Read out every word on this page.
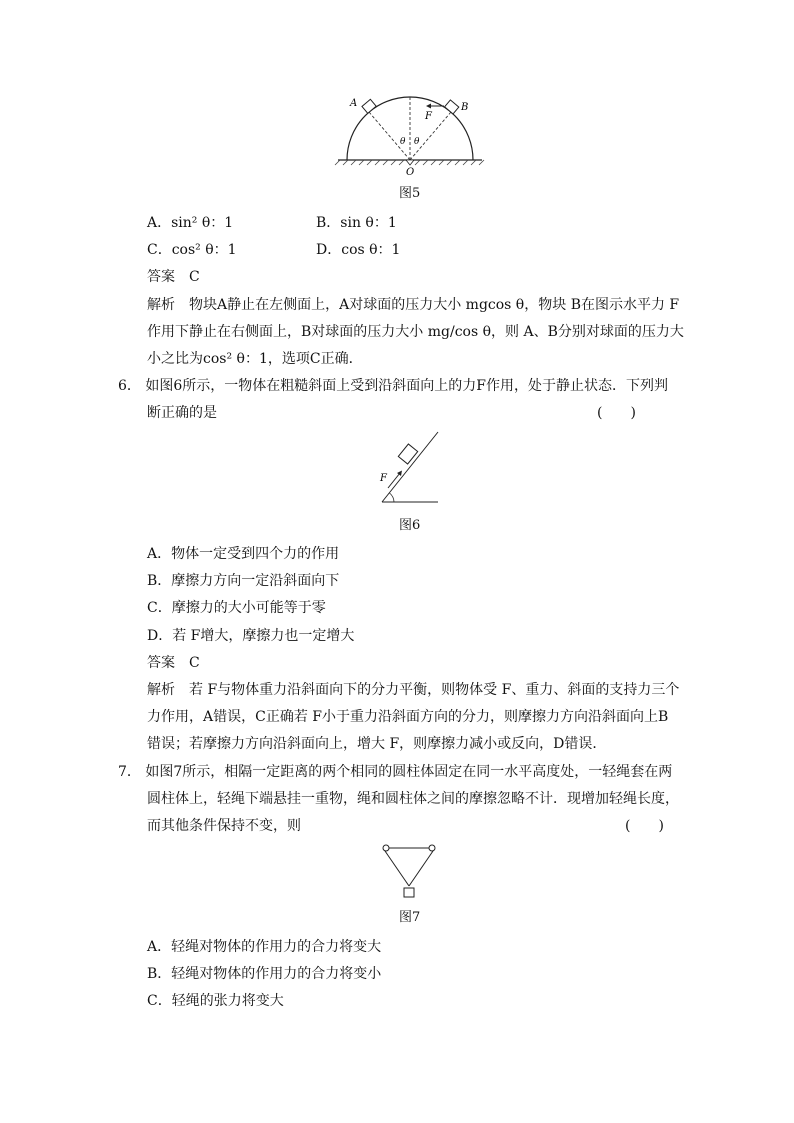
A	B
F
θ θ
O
图5
A．sin² θ：1	B．sin θ：1
C．cos² θ：1	D．cos θ：1
答案　C
解析　物块A静止在左侧面上，A对球面的压力大小 mgcos θ，物块 B在图示水平力 F
作用下静止在右侧面上，B对球面的压力大小 mg/cos θ，则 A、B分别对球面的压力大
小之比为cos² θ：1，选项C正确．
6． 如图6所示，一物体在粗糙斜面上受到沿斜面向上的力F作用，处于静止状态．下列判
断正确的是	(　　)
F
图6
A．物体一定受到四个力的作用
B．摩擦力方向一定沿斜面向下
C．摩擦力的大小可能等于零
D．若 F增大，摩擦力也一定增大
答案　C
解析　若 F与物体重力沿斜面向下的分力平衡，则物体受 F、重力、斜面的支持力三个
力作用，A错误，C正确若 F小于重力沿斜面方向的分力，则摩擦力方向沿斜面向上B
错误；若摩擦力方向沿斜面向上，增大 F，则摩擦力减小或反向，D错误．
7． 如图7所示，相隔一定距离的两个相同的圆柱体固定在同一水平高度处，一轻绳套在两
圆柱体上，轻绳下端悬挂一重物，绳和圆柱体之间的摩擦忽略不计．现增加轻绳长度，
而其他条件保持不变，则	(　　)
图7
A．轻绳对物体的作用力的合力将变大
B．轻绳对物体的作用力的合力将变小
C．轻绳的张力将变大
